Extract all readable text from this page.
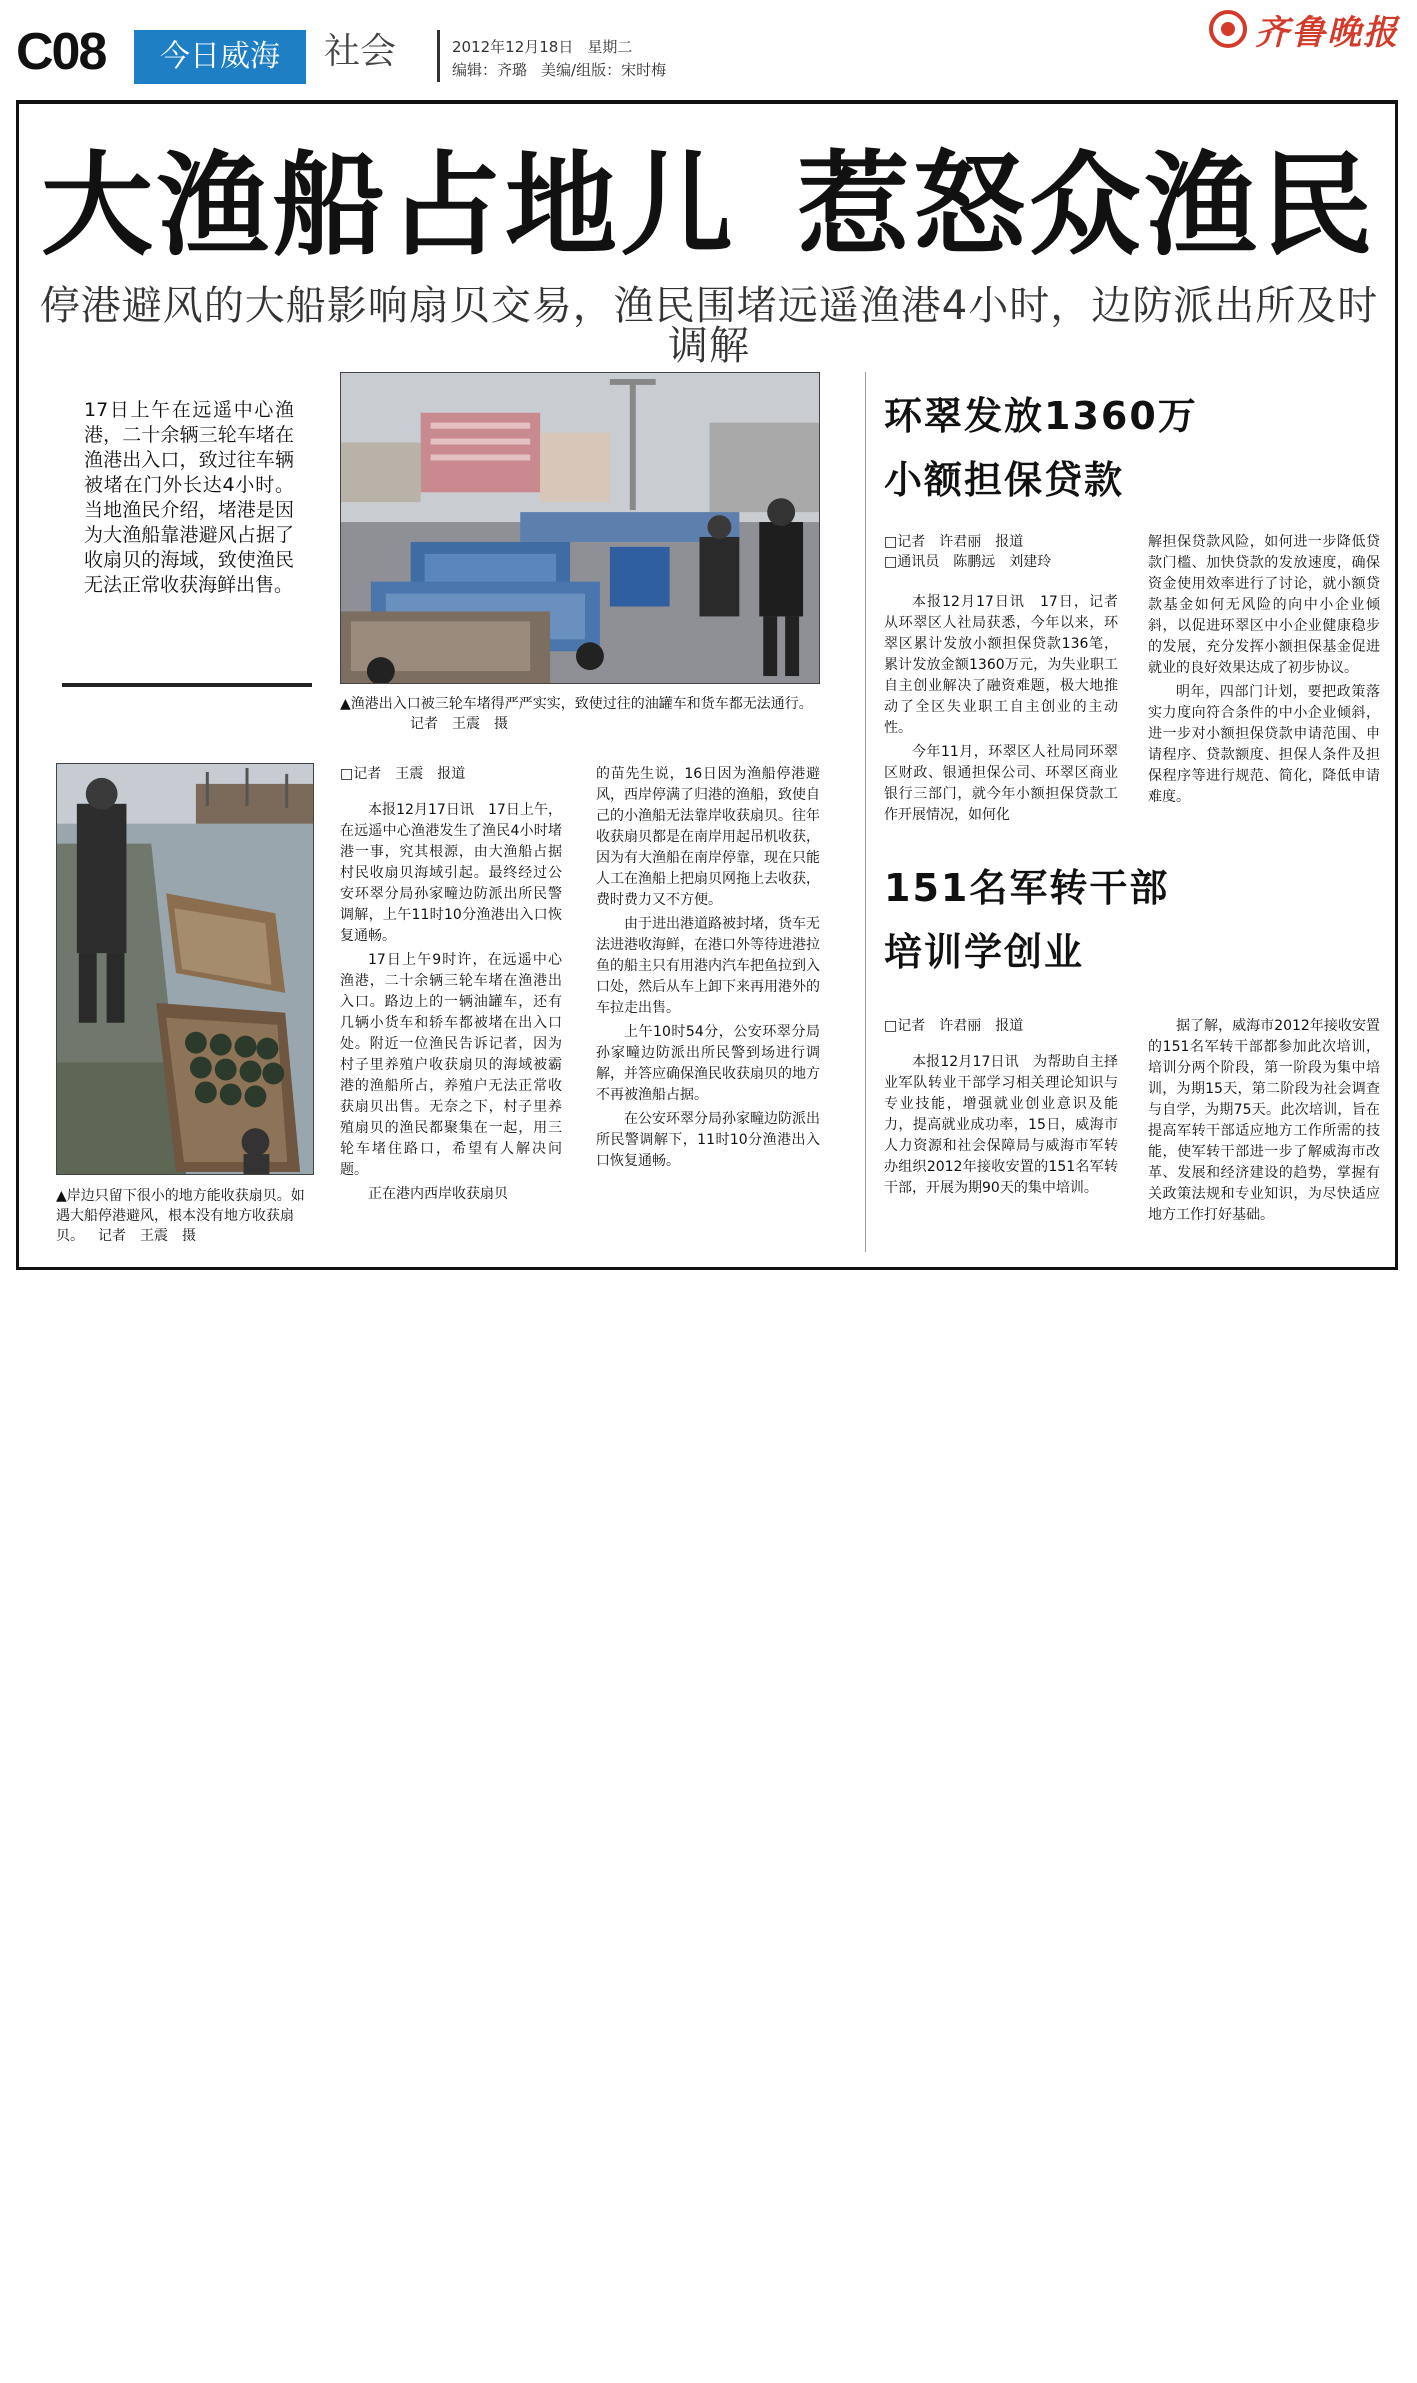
C08	今日威海	社会	2012年12月18日 星期二
编辑：齐璐 美编/组版：宋时梅
齐鲁晚报
大渔船占地儿 惹怒众渔民
停港避风的大船影响扇贝交易，渔民围堵远遥渔港4小时，边防派出所及时调解
17日上午在远遥中心渔港，二十余辆三轮车堵在渔港出入口，致过往车辆被堵在门外长达4小时。当地渔民介绍，堵港是因为大渔船靠港避风占据了收扇贝的海域，致使渔民无法正常收获海鲜出售。
▲渔港出入口被三轮车堵得严严实实，致使过往的油罐车和货车都无法通行。记者　王震　摄
▲岸边只留下很小的地方能收获扇贝。如遇大船停港避风，根本没有地方收获扇贝。 记者　王震　摄
□记者　王震　报道

本报12月17日讯　17日上午，在远遥中心渔港发生了渔民4小时堵港一事，究其根源，由大渔船占据村民收扇贝海域引起。最终经过公安环翠分局孙家疃边防派出所民警调解，上午11时10分渔港出入口恢复通畅。

17日上午9时许，在远遥中心渔港，二十余辆三轮车堵在渔港出入口。路边上的一辆油罐车，还有几辆小货车和轿车都被堵在出入口处。附近一位渔民告诉记者，因为村子里养殖户收获扇贝的海域被霸港的渔船所占，养殖户无法正常收获扇贝出售。无奈之下，村子里养殖扇贝的渔民都聚集在一起，用三轮车堵住路口，希望有人解决问题。

正在港内西岸收获扇贝

的苗先生说，16日因为渔船停港避风，西岸停满了归港的渔船，致使自己的小渔船无法靠岸收获扇贝。往年收获扇贝都是在南岸用起吊机收获，因为有大渔船在南岸停靠，现在只能人工在渔船上把扇贝网拖上去收获，费时费力又不方便。

由于进出港道路被封堵，货车无法进港收海鲜，在港口外等待进港拉鱼的船主只有用港内汽车把鱼拉到入口处，然后从车上卸下来再用港外的车拉走出售。

上午10时54分，公安环翠分局孙家疃边防派出所民警到场进行调解，并答应确保渔民收获扇贝的地方不再被渔船占据。

在公安环翠分局孙家疃边防派出所民警调解下，11时10分渔港出入口恢复通畅。

环翠发放1360万
小额担保贷款
□记者　许君丽　报道
□通讯员　陈鹏远　刘建玲

本报12月17日讯　17日，记者从环翠区人社局获悉，今年以来，环翠区累计发放小额担保贷款136笔，累计发放金额1360万元，为失业职工自主创业解决了融资难题，极大地推动了全区失业职工自主创业的主动性。

今年11月，环翠区人社局同环翠区财政、银通担保公司、环翠区商业银行三部门，就今年小额担保贷款工作开展情况，如何化

解担保贷款风险，如何进一步降低贷款门槛、加快贷款的发放速度，确保资金使用效率进行了讨论，就小额贷款基金如何无风险的向中小企业倾斜，以促进环翠区中小企业健康稳步的发展，充分发挥小额担保基金促进就业的良好效果达成了初步协议。

明年，四部门计划，要把政策落实力度向符合条件的中小企业倾斜，进一步对小额担保贷款申请范围、申请程序、贷款额度、担保人条件及担保程序等进行规范、简化，降低申请难度。

151名军转干部
培训学创业
□记者　许君丽　报道

本报12月17日讯　为帮助自主择业军队转业干部学习相关理论知识与专业技能，增强就业创业意识及能力，提高就业成功率，15日，威海市人力资源和社会保障局与威海市军转办组织2012年接收安置的151名军转干部，开展为期90天的集中培训。

据了解，威海市2012年接收安置的151名军转干部都参加此次培训，培训分两个阶段，第一阶段为集中培训，为期15天，第二阶段为社会调查与自学，为期75天。此次培训，旨在提高军转干部适应地方工作所需的技能，使军转干部进一步了解威海市改革、发展和经济建设的趋势，掌握有关政策法规和专业知识，为尽快适应地方工作打好基础。
